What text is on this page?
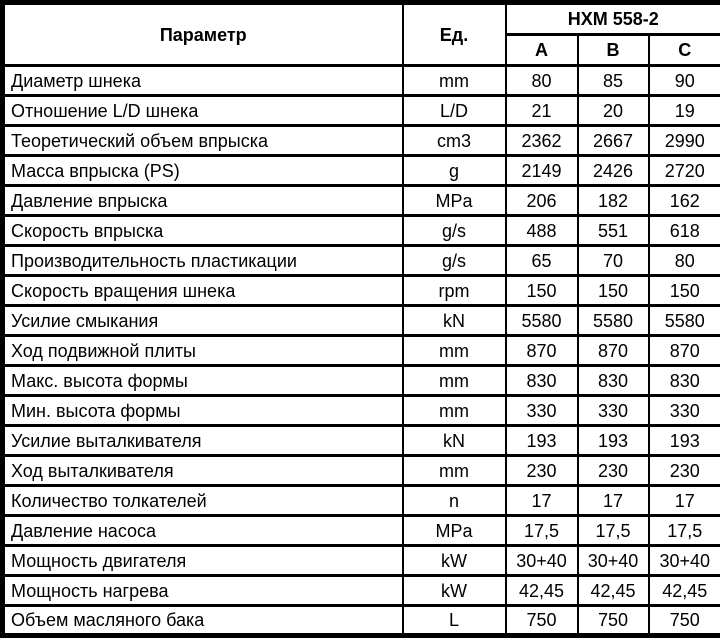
Параметр	Ед.	HXM 558-2		
		A	B	C
Диаметр шнека	mm	80	85	90
Отношение L/D шнека	L/D	21	20	19
Теоретический объем впрыска	cm3	2362	2667	2990
Масса впрыска (PS)	g	2149	2426	2720
Давление впрыска	MPa	206	182	162
Скорость впрыска	g/s	488	551	618
Производительность пластикации	g/s	65	70	80
Скорость вращения шнека	rpm	150	150	150
Усилие смыкания	kN	5580	5580	5580
Ход подвижной плиты	mm	870	870	870
Макс. высота формы	mm	830	830	830
Мин. высота формы	mm	330	330	330
Усилие выталкивателя	kN	193	193	193
Ход выталкивателя	mm	230	230	230
Количество толкателей	n	17	17	17
Давление насоса	MPa	17,5	17,5	17,5
Мощность двигателя	kW	30+40	30+40	30+40
Мощность нагрева	kW	42,45	42,45	42,45
Объем масляного бака	L	750	750	750
